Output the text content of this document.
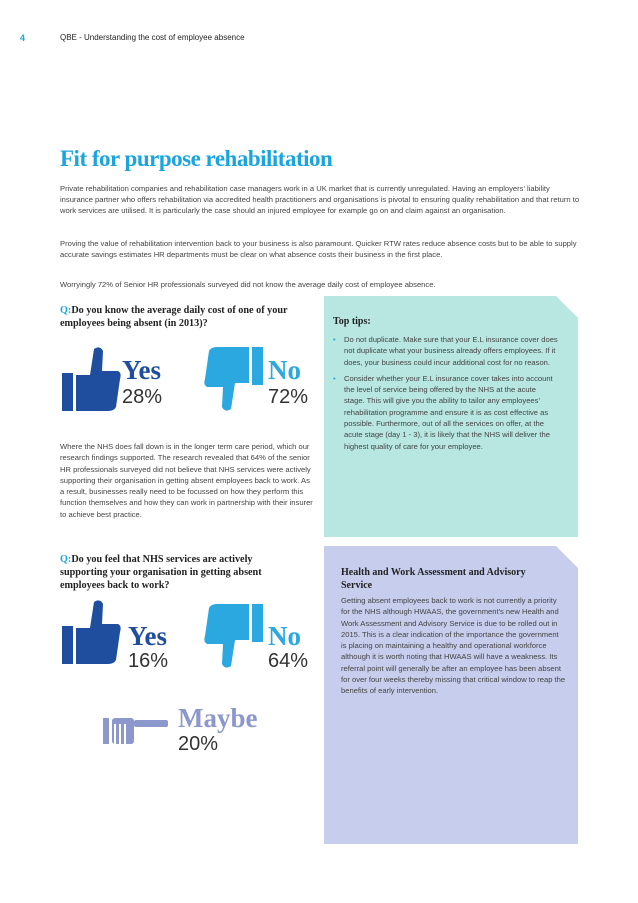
4	QBE - Understanding the cost of employee absence
Fit for purpose rehabilitation

Private rehabilitation companies and rehabilitation case managers work in a UK market that is currently unregulated. Having an employers' liability insurance partner who offers rehabilitation via accredited health practitioners and organisations is pivotal to ensuring quality rehabilitation and that return to work services are utilised. It is particularly the case should an injured employee for example go on and claim against an organisation.

Proving the value of rehabilitation intervention back to your business is also paramount. Quicker RTW rates reduce absence costs but to be able to supply accurate savings estimates HR departments must be clear on what absence costs their business in the first place.

Worryingly 72% of Senior HR professionals surveyed did not know the average daily cost of employee absence.

Q:Do you know the average daily cost of one of your employees being absent (in 2013)?

Yes
28%
No
72%

Where the NHS does fall down is in the longer term care period, which our research findings supported. The research revealed that 64% of the senior HR professionals surveyed did not believe that NHS services were actively supporting their organisation in getting absent employees back to work. As a result, businesses really need to be focussed on how they perform this function themselves and how they can work in partnership with their insurer to achieve best practice.

Q:Do you feel that NHS services are actively supporting your organisation in getting absent employees back to work?

Yes
16%
No
64%
Maybe
20%

Top tips:

• Do not duplicate. Make sure that your E.L insurance cover does not duplicate what your business already offers employees. If it does, your business could incur additional cost for no reason.
• Consider whether your E.L insurance cover takes into account the level of service being offered by the NHS at the acute stage. This will give you the ability to tailor any employees' rehabilitation programme and ensure it is as cost effective as possible. Furthermore, out of all the services on offer, at the acute stage (day 1 - 3), it is likely that the NHS will deliver the highest quality of care for your employee.

Health and Work Assessment and Advisory Service

Getting absent employees back to work is not currently a priority for the NHS although HWAAS, the government's new Health and Work Assessment and Advisory Service is due to be rolled out in 2015. This is a clear indication of the importance the government is placing on maintaining a healthy and operational workforce although it is worth noting that HWAAS will have a weakness. Its referral point will generally be after an employee has been absent for over four weeks thereby missing that critical window to reap the benefits of early intervention.
